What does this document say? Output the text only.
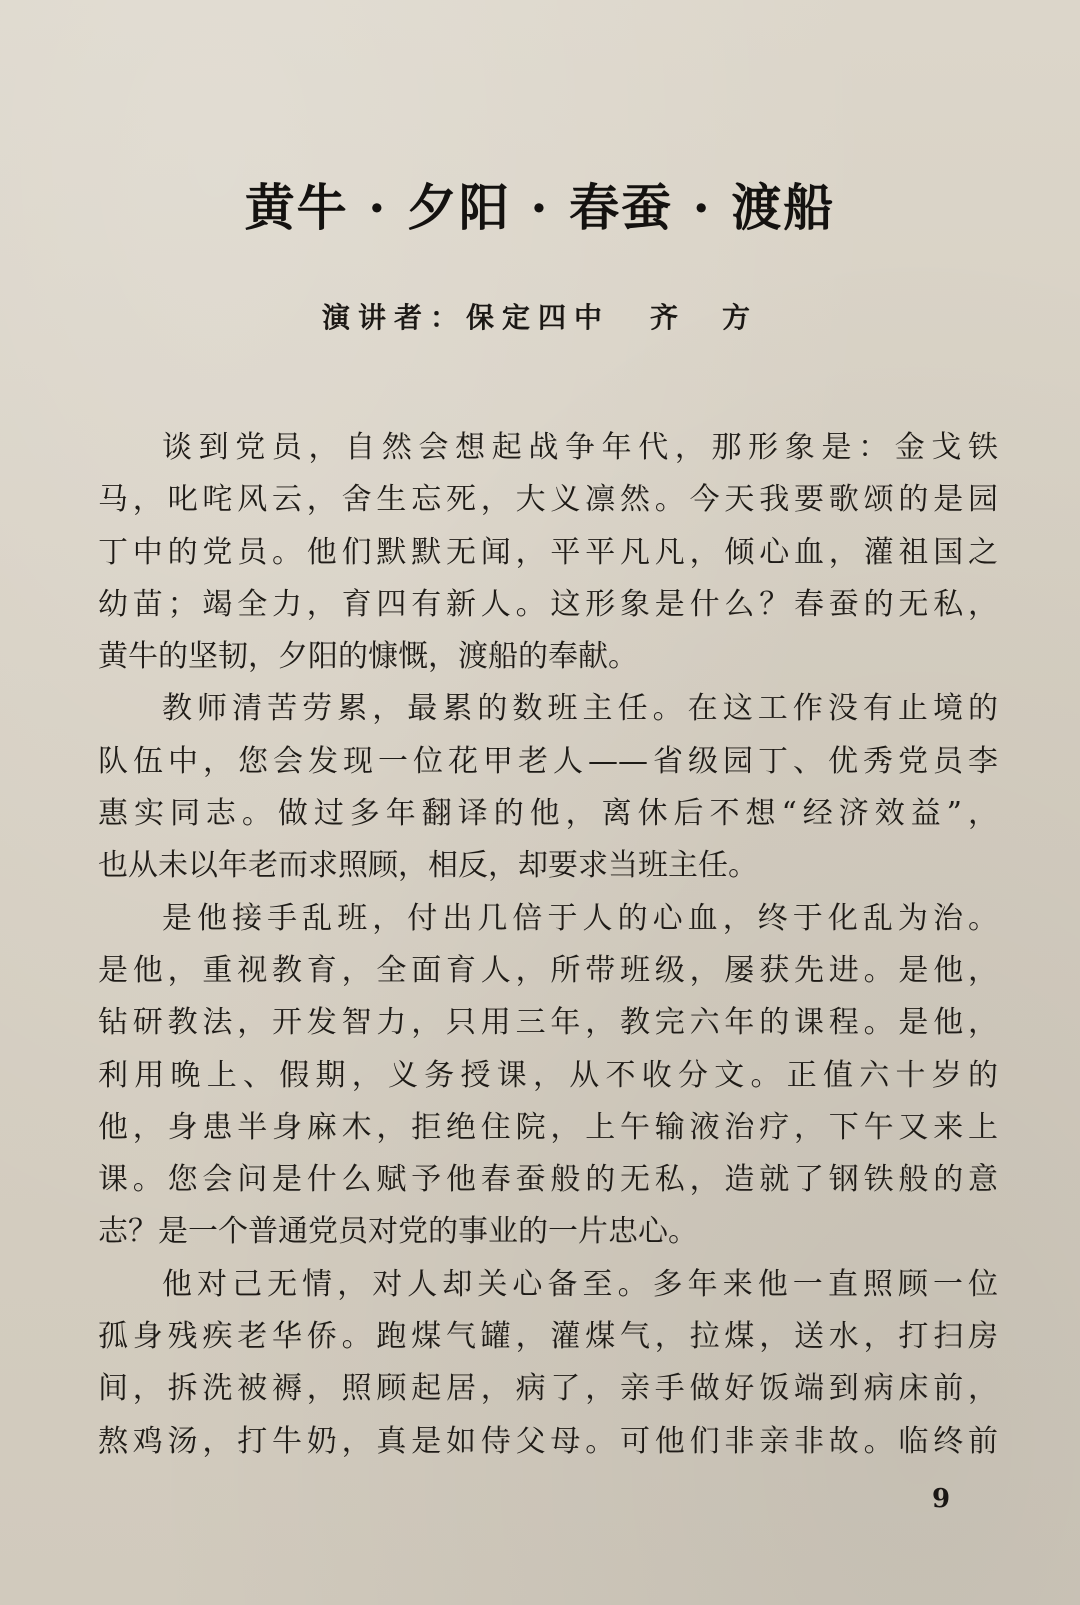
黄牛 · 夕阳 · 春蚕 · 渡船
演讲者：保定四中 齐　方
谈到党员，自然会想起战争年代，那形象是：金戈铁
马，叱咤风云，舍生忘死，大义凛然。今天我要歌颂的是园
丁中的党员。他们默默无闻，平平凡凡，倾心血，灌祖国之
幼苗；竭全力，育四有新人。这形象是什么？春蚕的无私，
黄牛的坚韧，夕阳的慷慨，渡船的奉献。
教师清苦劳累，最累的数班主任。在这工作没有止境的
队伍中，您会发现一位花甲老人——省级园丁、优秀党员李
惠实同志。做过多年翻译的他，离休后不想“经济效益”，
也从未以年老而求照顾，相反，却要求当班主任。
是他接手乱班，付出几倍于人的心血，终于化乱为治。
是他，重视教育，全面育人，所带班级，屡获先进。是他，
钻研教法，开发智力，只用三年，教完六年的课程。是他，
利用晚上、假期，义务授课，从不收分文。正值六十岁的
他，身患半身麻木，拒绝住院，上午输液治疗，下午又来上
课。您会问是什么赋予他春蚕般的无私，造就了钢铁般的意
志？是一个普通党员对党的事业的一片忠心。
他对己无情，对人却关心备至。多年来他一直照顾一位
孤身残疾老华侨。跑煤气罐，灌煤气，拉煤，送水，打扫房
间，拆洗被褥，照顾起居，病了，亲手做好饭端到病床前，
熬鸡汤，打牛奶，真是如侍父母。可他们非亲非故。临终前
9
